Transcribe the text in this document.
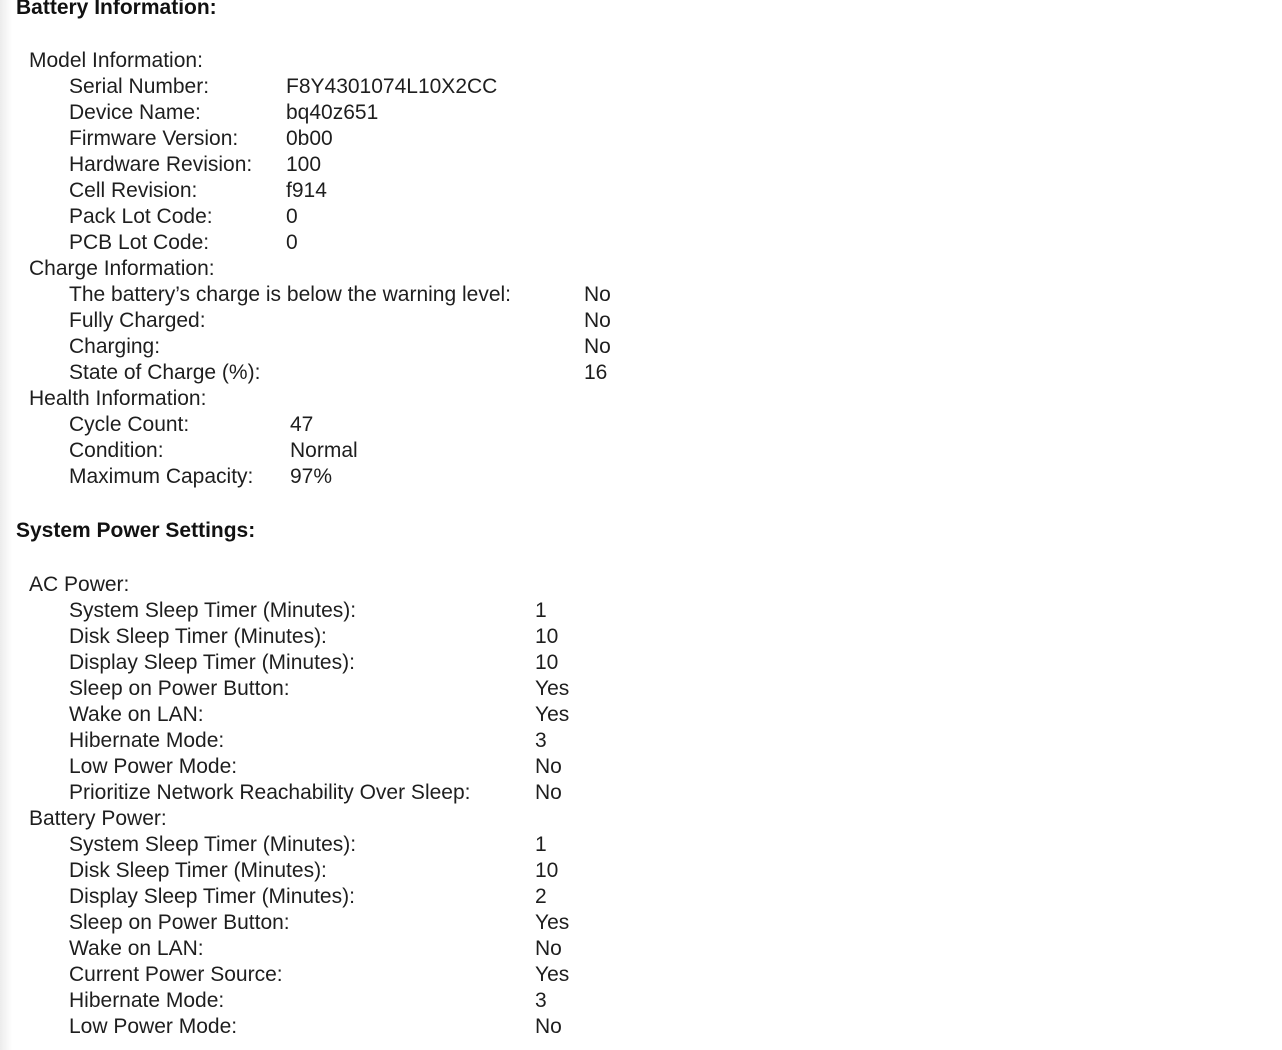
Battery Information:
Model Information:
Serial Number:	F8Y4301074L10X2CC
Device Name:	bq40z651
Firmware Version: 0b00
Hardware Revision: 100
Cell Revision:	f914
Pack Lot Code:	0
PCB Lot Code:	0
Charge Information:
The battery’s charge is below the warning level:	No
Fully Charged:	No
Charging:	No
State of Charge (%):	16
Health Information:
Cycle Count:	47
Condition:	Normal
Maximum Capacity: 97%
System Power Settings:
AC Power:
System Sleep Timer (Minutes):	1
Disk Sleep Timer (Minutes):	10
Display Sleep Timer (Minutes):	10
Sleep on Power Button:	Yes
Wake on LAN:	Yes
Hibernate Mode:	3
Low Power Mode:	No
Prioritize Network Reachability Over Sleep:	No
Battery Power:
System Sleep Timer (Minutes):	1
Disk Sleep Timer (Minutes):	10
Display Sleep Timer (Minutes):	2
Sleep on Power Button:	Yes
Wake on LAN:	No
Current Power Source:	Yes
Hibernate Mode:	3
Low Power Mode:	No
